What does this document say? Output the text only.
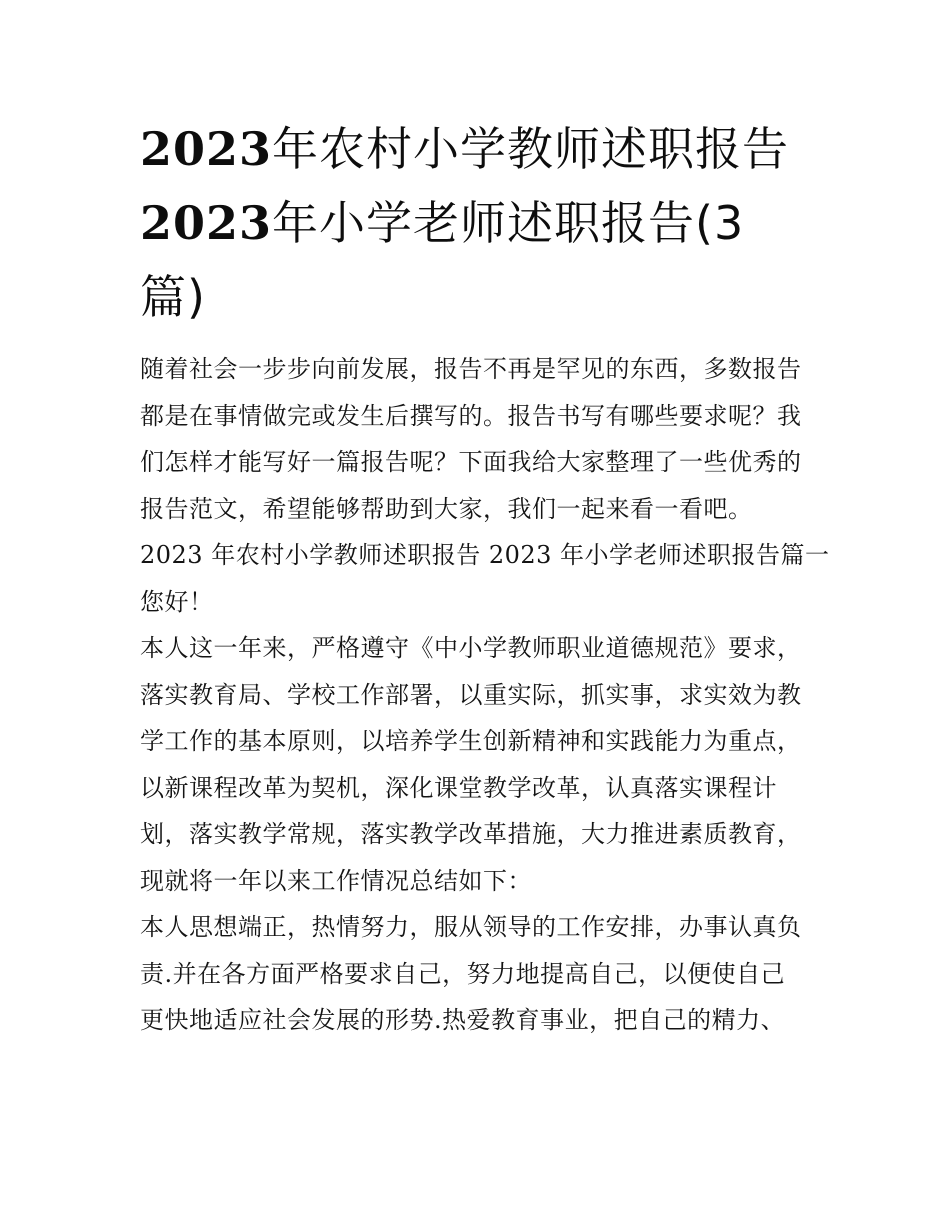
2023年农村小学教师述职报告
2023年小学老师述职报告(3
篇)

随着社会一步步向前发展，报告不再是罕见的东西，多数报告
都是在事情做完或发生后撰写的。报告书写有哪些要求呢？我
们怎样才能写好一篇报告呢？下面我给大家整理了一些优秀的
报告范文，希望能够帮助到大家，我们一起来看一看吧。

2023 年农村小学教师述职报告 2023 年小学老师述职报告篇一

您好！

本人这一年来，严格遵守《中小学教师职业道德规范》要求，
落实教育局、学校工作部署，以重实际，抓实事，求实效为教
学工作的基本原则，以培养学生创新精神和实践能力为重点，
以新课程改革为契机，深化课堂教学改革，认真落实课程计
划，落实教学常规，落实教学改革措施，大力推进素质教育，
现就将一年以来工作情况总结如下：

本人思想端正，热情努力，服从领导的工作安排，办事认真负
责.并在各方面严格要求自己，努力地提高自己，以便使自己
更快地适应社会发展的形势.热爱教育事业，把自己的精力、
